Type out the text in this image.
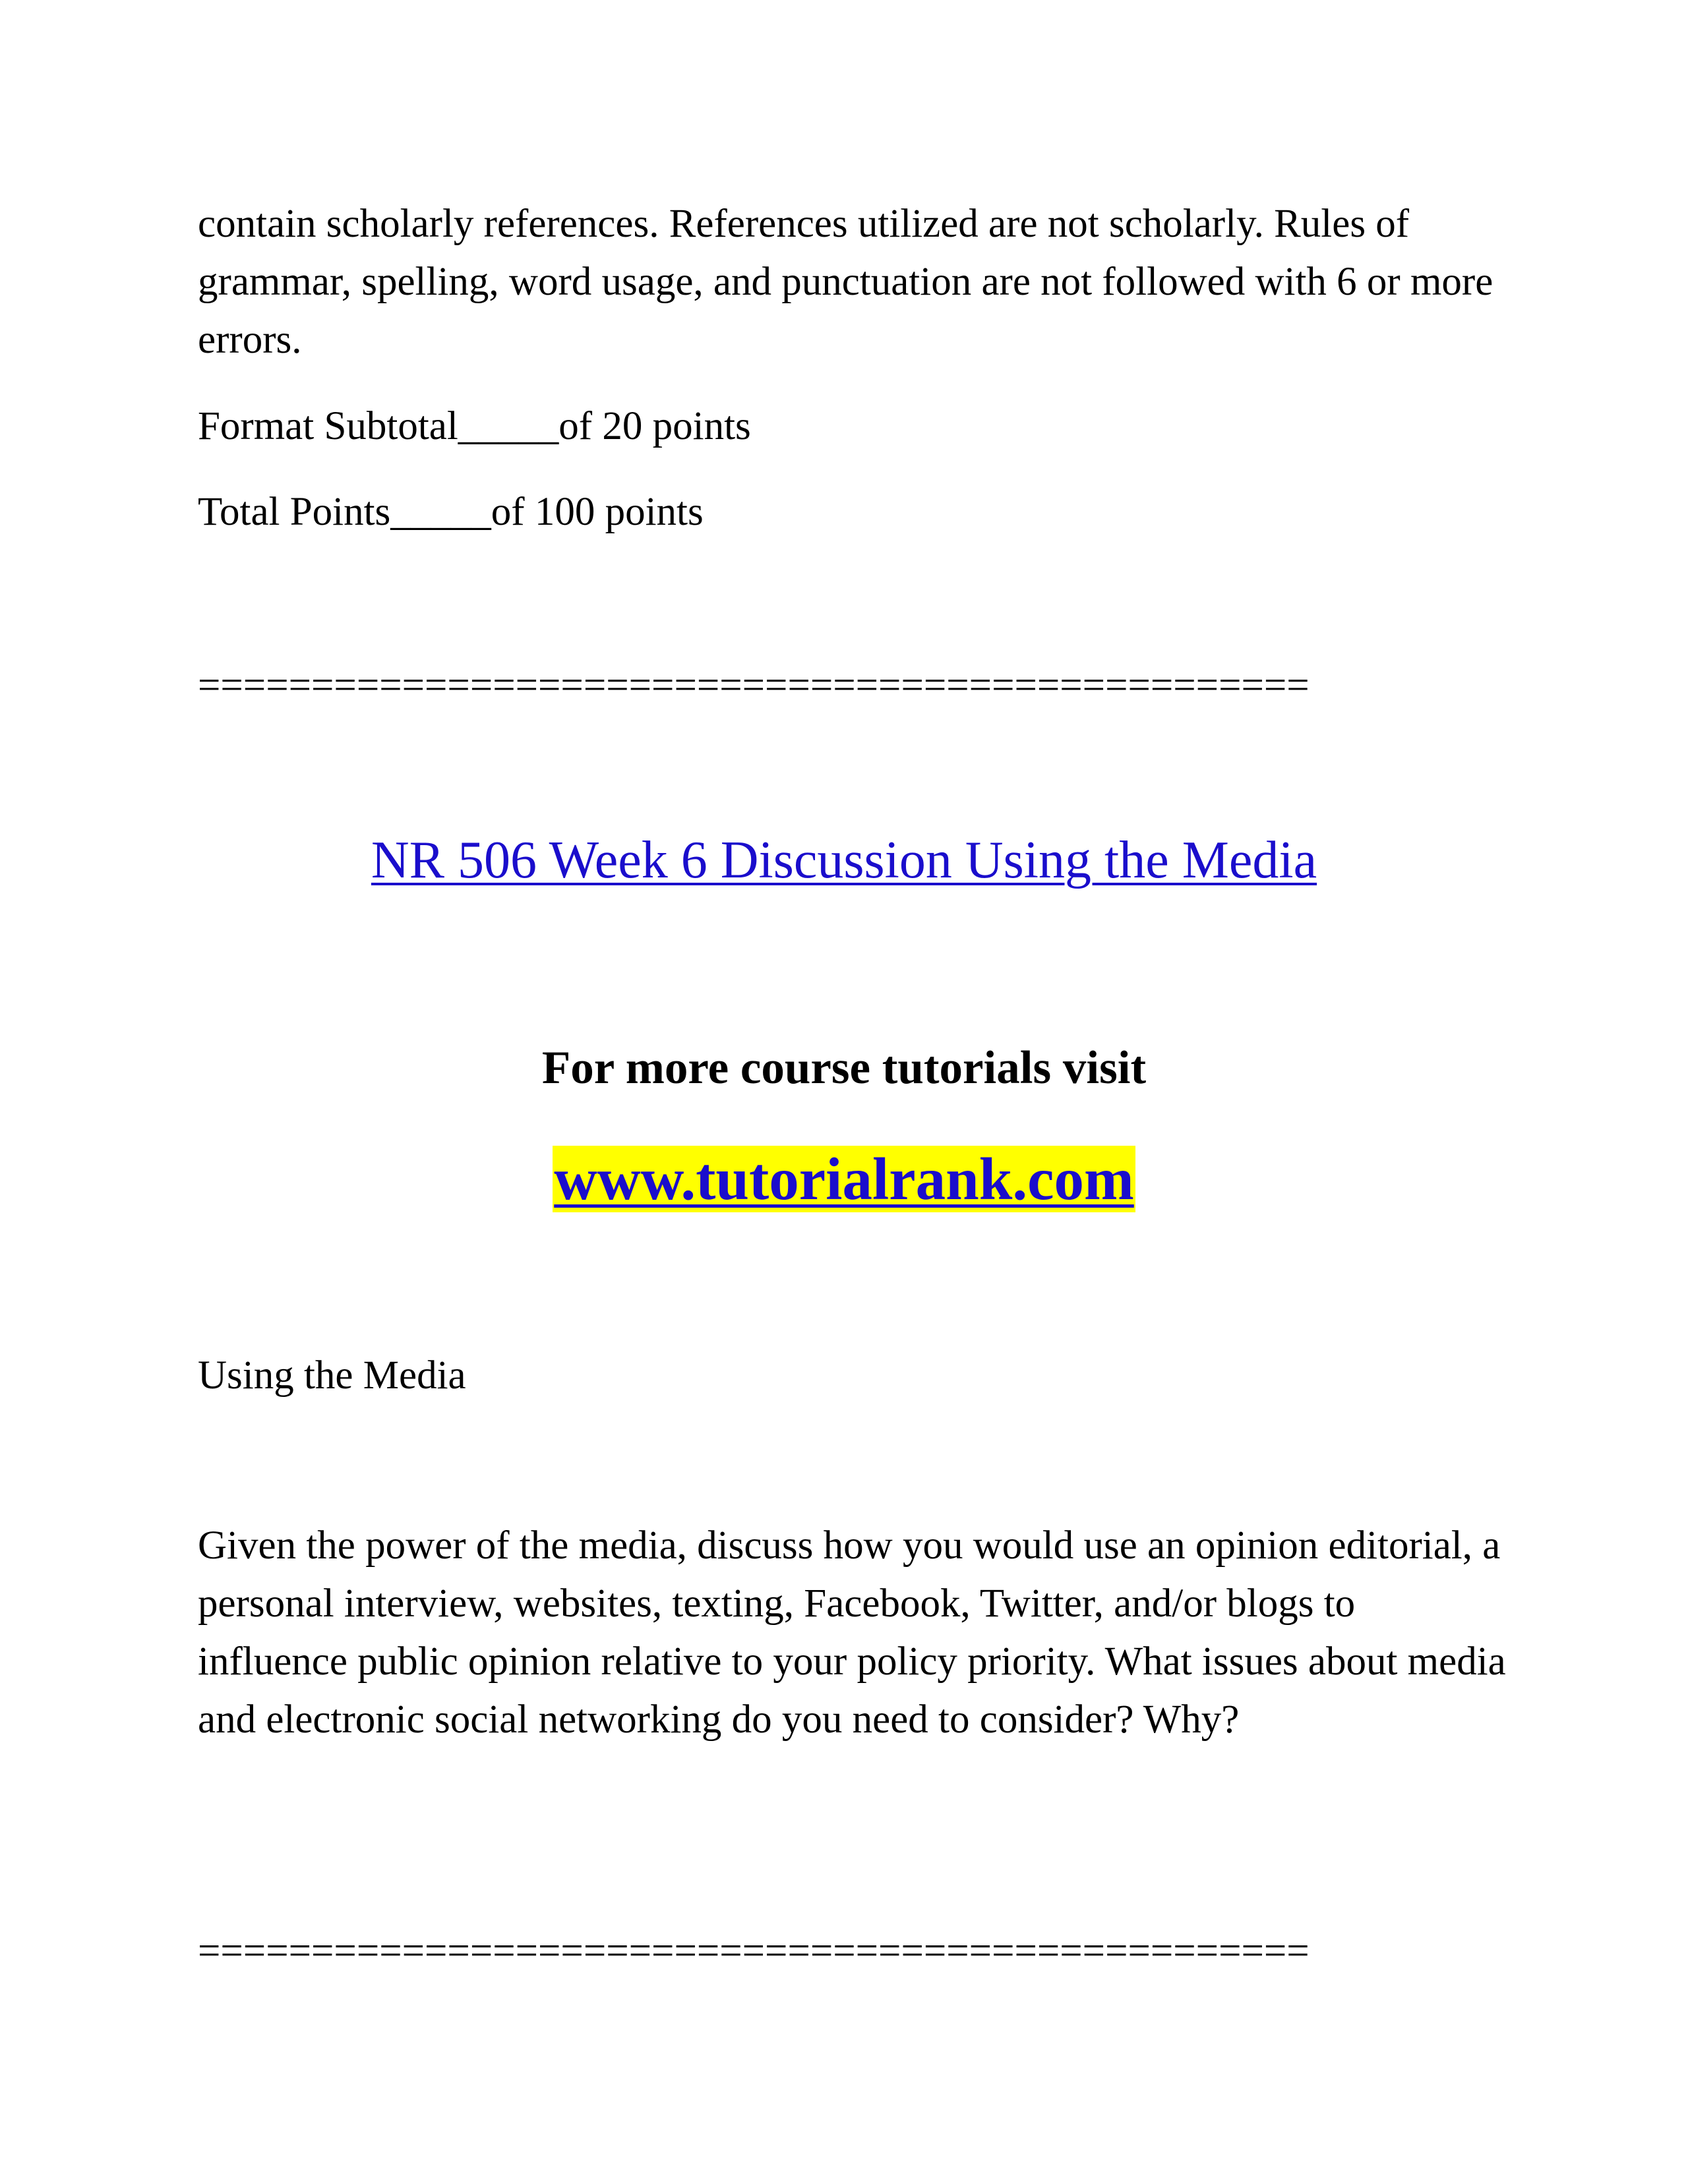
contain scholarly references. References utilized are not scholarly. Rules of grammar, spelling, word usage, and punctuation are not followed with 6 or more errors.

Format Subtotal_____of 20 points

Total Points_____of 100 points

=================================================

NR 506 Week 6 Discussion Using the Media

For more course tutorials visit

www.tutorialrank.com

Using the Media

Given the power of the media, discuss how you would use an opinion editorial, a personal interview, websites, texting, Facebook, Twitter, and/or blogs to influence public opinion relative to your policy priority. What issues about media and electronic social networking do you need to consider? Why?

=================================================
